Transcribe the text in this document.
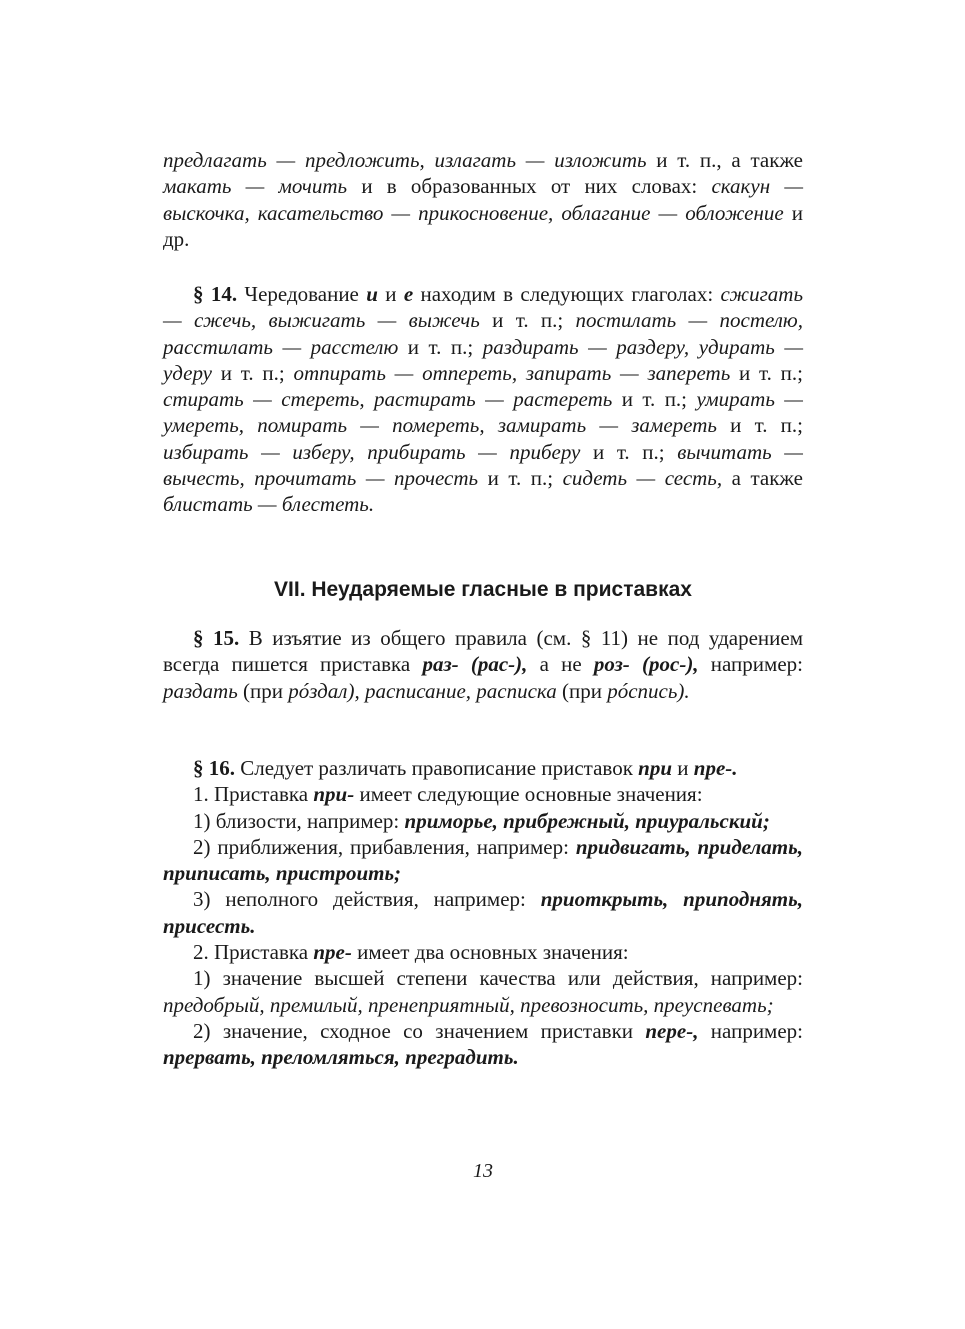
предлагать — предложить, излагать — изложить и т. п., а также макать — мочить и в образованных от них словах: скакун — выскочка, касательство — прикосновение, облагание — обложение и др.

§ 14. Чередование и и е находим в следующих глаголах: сжигать — сжечь, выжигать — выжечь и т. п.; постилать — постелю, расстилать — расстелю и т. п.; раздирать — раздеру, удирать — удеру и т. п.; отпирать — отпереть, запирать — запереть и т. п.; стирать — стереть, растирать — растереть и т. п.; умирать — умереть, помирать — помереть, замирать — замереть и т. п.; избирать — изберу, прибирать — приберу и т. п.; вычитать — вычесть, прочитать — прочесть и т. п.; сидеть — сесть, а также блистать — блестеть.

VII. Неударяемые гласные в приставках

§ 15. В изъятие из общего правила (см. § 11) не под ударением всегда пишется приставка раз- (рас-), а не роз- (рос-), например: раздать (при рóздал), расписание, расписка (при рóспись).

§ 16. Следует различать правописание приставок при и пре-.

1. Приставка при- имеет следующие основные значения:

1) близости, например: приморье, прибрежный, приуральский;

2) приближения, прибавления, например: придвигать, приделать, приписать, пристроить;

3) неполного действия, например: приоткрыть, приподнять, присесть.

2. Приставка пре- имеет два основных значения:

1) значение высшей степени качества или действия, например: предобрый, премилый, пренеприятный, превозносить, преуспевать;

2) значение, сходное со значением приставки пере-, например: прервать, преломляться, преградить.

13
